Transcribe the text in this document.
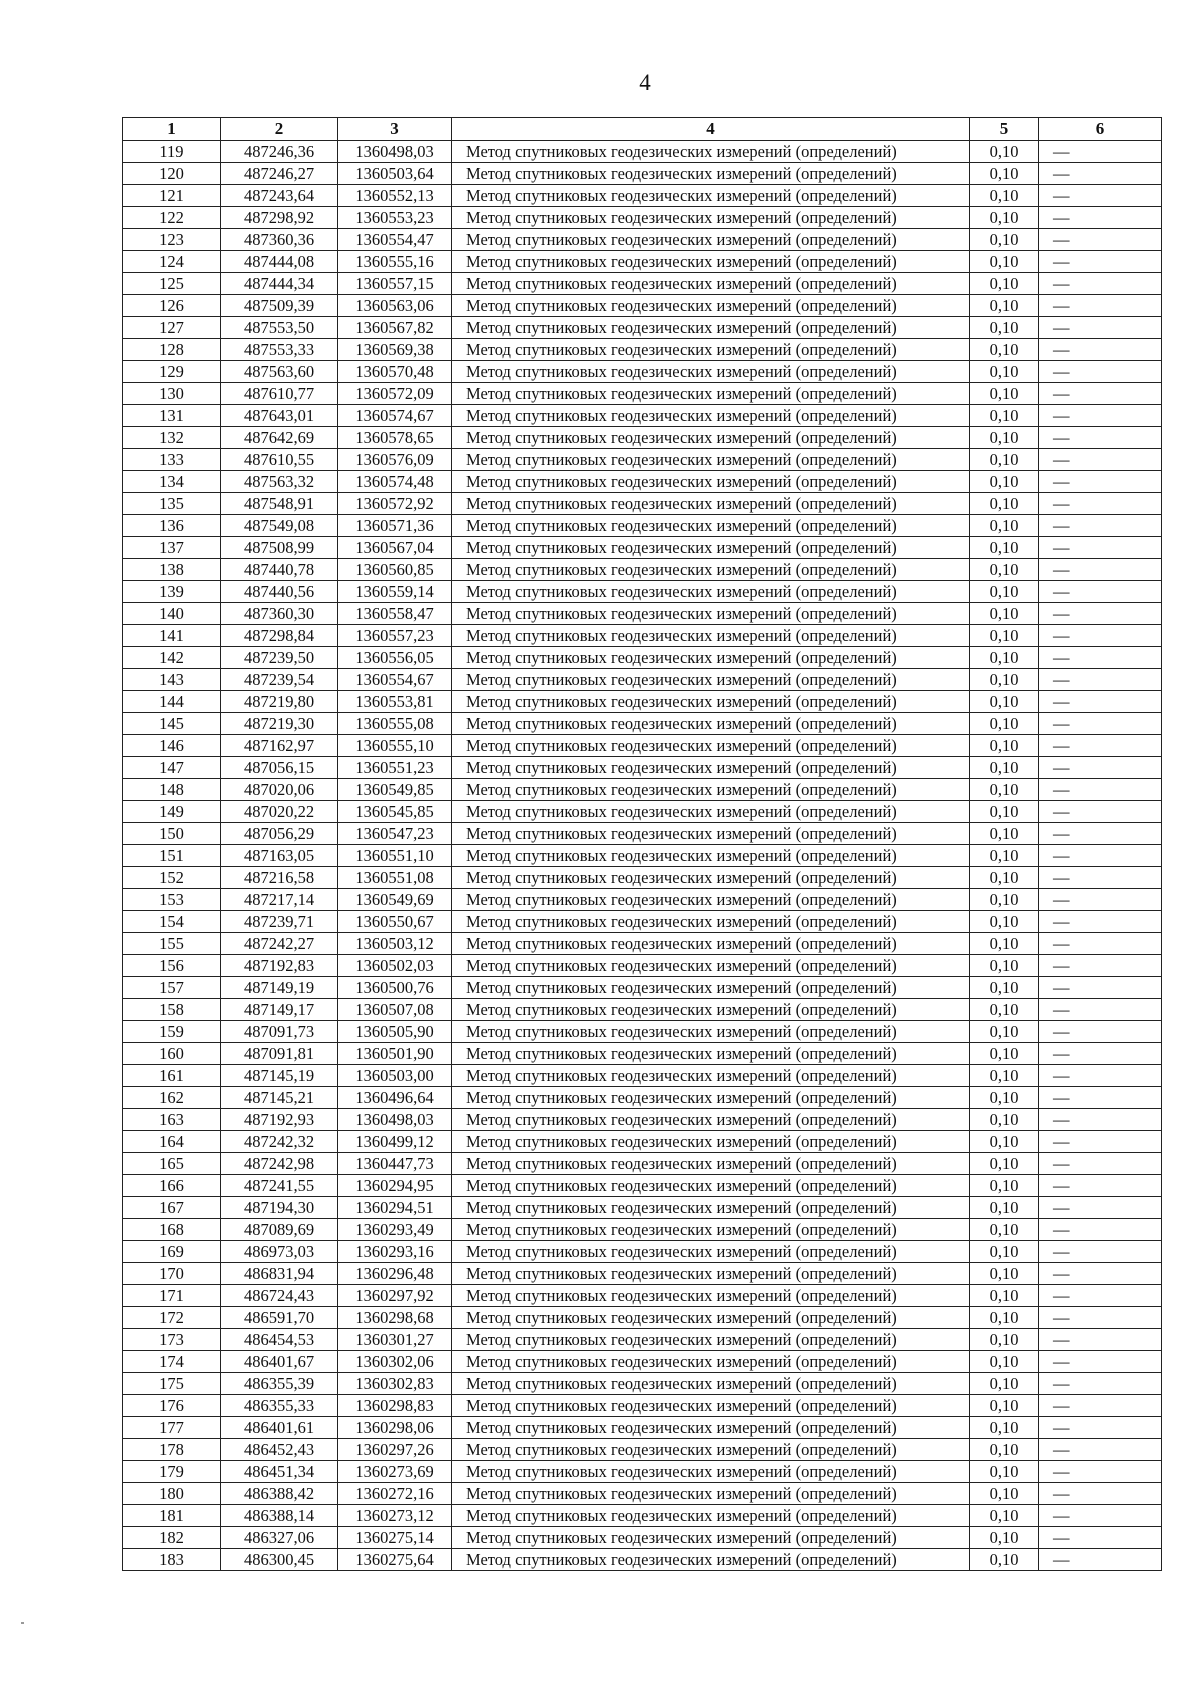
4
1	2	3	4	5	6
119	487246,36	1360498,03	Метод спутниковых геодезических измерений (определений)	0,10	—
120	487246,27	1360503,64	Метод спутниковых геодезических измерений (определений)	0,10	—
121	487243,64	1360552,13	Метод спутниковых геодезических измерений (определений)	0,10	—
122	487298,92	1360553,23	Метод спутниковых геодезических измерений (определений)	0,10	—
123	487360,36	1360554,47	Метод спутниковых геодезических измерений (определений)	0,10	—
124	487444,08	1360555,16	Метод спутниковых геодезических измерений (определений)	0,10	—
125	487444,34	1360557,15	Метод спутниковых геодезических измерений (определений)	0,10	—
126	487509,39	1360563,06	Метод спутниковых геодезических измерений (определений)	0,10	—
127	487553,50	1360567,82	Метод спутниковых геодезических измерений (определений)	0,10	—
128	487553,33	1360569,38	Метод спутниковых геодезических измерений (определений)	0,10	—
129	487563,60	1360570,48	Метод спутниковых геодезических измерений (определений)	0,10	—
130	487610,77	1360572,09	Метод спутниковых геодезических измерений (определений)	0,10	—
131	487643,01	1360574,67	Метод спутниковых геодезических измерений (определений)	0,10	—
132	487642,69	1360578,65	Метод спутниковых геодезических измерений (определений)	0,10	—
133	487610,55	1360576,09	Метод спутниковых геодезических измерений (определений)	0,10	—
134	487563,32	1360574,48	Метод спутниковых геодезических измерений (определений)	0,10	—
135	487548,91	1360572,92	Метод спутниковых геодезических измерений (определений)	0,10	—
136	487549,08	1360571,36	Метод спутниковых геодезических измерений (определений)	0,10	—
137	487508,99	1360567,04	Метод спутниковых геодезических измерений (определений)	0,10	—
138	487440,78	1360560,85	Метод спутниковых геодезических измерений (определений)	0,10	—
139	487440,56	1360559,14	Метод спутниковых геодезических измерений (определений)	0,10	—
140	487360,30	1360558,47	Метод спутниковых геодезических измерений (определений)	0,10	—
141	487298,84	1360557,23	Метод спутниковых геодезических измерений (определений)	0,10	—
142	487239,50	1360556,05	Метод спутниковых геодезических измерений (определений)	0,10	—
143	487239,54	1360554,67	Метод спутниковых геодезических измерений (определений)	0,10	—
144	487219,80	1360553,81	Метод спутниковых геодезических измерений (определений)	0,10	—
145	487219,30	1360555,08	Метод спутниковых геодезических измерений (определений)	0,10	—
146	487162,97	1360555,10	Метод спутниковых геодезических измерений (определений)	0,10	—
147	487056,15	1360551,23	Метод спутниковых геодезических измерений (определений)	0,10	—
148	487020,06	1360549,85	Метод спутниковых геодезических измерений (определений)	0,10	—
149	487020,22	1360545,85	Метод спутниковых геодезических измерений (определений)	0,10	—
150	487056,29	1360547,23	Метод спутниковых геодезических измерений (определений)	0,10	—
151	487163,05	1360551,10	Метод спутниковых геодезических измерений (определений)	0,10	—
152	487216,58	1360551,08	Метод спутниковых геодезических измерений (определений)	0,10	—
153	487217,14	1360549,69	Метод спутниковых геодезических измерений (определений)	0,10	—
154	487239,71	1360550,67	Метод спутниковых геодезических измерений (определений)	0,10	—
155	487242,27	1360503,12	Метод спутниковых геодезических измерений (определений)	0,10	—
156	487192,83	1360502,03	Метод спутниковых геодезических измерений (определений)	0,10	—
157	487149,19	1360500,76	Метод спутниковых геодезических измерений (определений)	0,10	—
158	487149,17	1360507,08	Метод спутниковых геодезических измерений (определений)	0,10	—
159	487091,73	1360505,90	Метод спутниковых геодезических измерений (определений)	0,10	—
160	487091,81	1360501,90	Метод спутниковых геодезических измерений (определений)	0,10	—
161	487145,19	1360503,00	Метод спутниковых геодезических измерений (определений)	0,10	—
162	487145,21	1360496,64	Метод спутниковых геодезических измерений (определений)	0,10	—
163	487192,93	1360498,03	Метод спутниковых геодезических измерений (определений)	0,10	—
164	487242,32	1360499,12	Метод спутниковых геодезических измерений (определений)	0,10	—
165	487242,98	1360447,73	Метод спутниковых геодезических измерений (определений)	0,10	—
166	487241,55	1360294,95	Метод спутниковых геодезических измерений (определений)	0,10	—
167	487194,30	1360294,51	Метод спутниковых геодезических измерений (определений)	0,10	—
168	487089,69	1360293,49	Метод спутниковых геодезических измерений (определений)	0,10	—
169	486973,03	1360293,16	Метод спутниковых геодезических измерений (определений)	0,10	—
170	486831,94	1360296,48	Метод спутниковых геодезических измерений (определений)	0,10	—
171	486724,43	1360297,92	Метод спутниковых геодезических измерений (определений)	0,10	—
172	486591,70	1360298,68	Метод спутниковых геодезических измерений (определений)	0,10	—
173	486454,53	1360301,27	Метод спутниковых геодезических измерений (определений)	0,10	—
174	486401,67	1360302,06	Метод спутниковых геодезических измерений (определений)	0,10	—
175	486355,39	1360302,83	Метод спутниковых геодезических измерений (определений)	0,10	—
176	486355,33	1360298,83	Метод спутниковых геодезических измерений (определений)	0,10	—
177	486401,61	1360298,06	Метод спутниковых геодезических измерений (определений)	0,10	—
178	486452,43	1360297,26	Метод спутниковых геодезических измерений (определений)	0,10	—
179	486451,34	1360273,69	Метод спутниковых геодезических измерений (определений)	0,10	—
180	486388,42	1360272,16	Метод спутниковых геодезических измерений (определений)	0,10	—
181	486388,14	1360273,12	Метод спутниковых геодезических измерений (определений)	0,10	—
182	486327,06	1360275,14	Метод спутниковых геодезических измерений (определений)	0,10	—
183	486300,45	1360275,64	Метод спутниковых геодезических измерений (определений)	0,10	—
